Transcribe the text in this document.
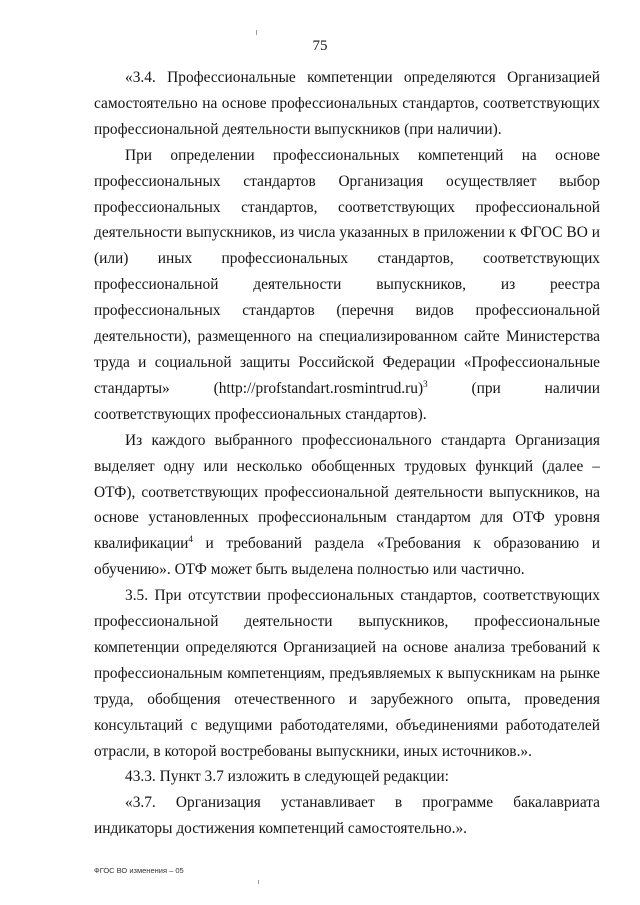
75

«3.4. Профессиональные компетенции определяются Организацией самостоятельно на основе профессиональных стандартов, соответствующих профессиональной деятельности выпускников (при наличии).

При определении профессиональных компетенций на основе профессиональных стандартов Организация осуществляет выбор профессиональных стандартов, соответствующих профессиональной деятельности выпускников, из числа указанных в приложении к ФГОС ВО и (или) иных профессиональных стандартов, соответствующих профессиональной деятельности выпускников, из реестра профессиональных стандартов (перечня видов профессиональной деятельности), размещенного на специализированном сайте Министерства труда и социальной защиты Российской Федерации «Профессиональные стандарты» (http://profstandart.rosmintrud.ru)$^3$ (при наличии соответствующих профессиональных стандартов).

Из каждого выбранного профессионального стандарта Организация выделяет одну или несколько обобщенных трудовых функций (далее – ОТФ), соответствующих профессиональной деятельности выпускников, на основе установленных профессиональным стандартом для ОТФ уровня квалификации$^4$ и требований раздела «Требования к образованию и обучению». ОТФ может быть выделена полностью или частично.

3.5. При отсутствии профессиональных стандартов, соответствующих профессиональной деятельности выпускников, профессиональные компетенции определяются Организацией на основе анализа требований к профессиональным компетенциям, предъявляемых к выпускникам на рынке труда, обобщения отечественного и зарубежного опыта, проведения консультаций с ведущими работодателями, объединениями работодателей отрасли, в которой востребованы выпускники, иных источников.».

43.3. Пункт 3.7 изложить в следующей редакции:

«3.7. Организация устанавливает в программе бакалавриата индикаторы достижения компетенций самостоятельно.».

ФГОС ВО изменения – 05
